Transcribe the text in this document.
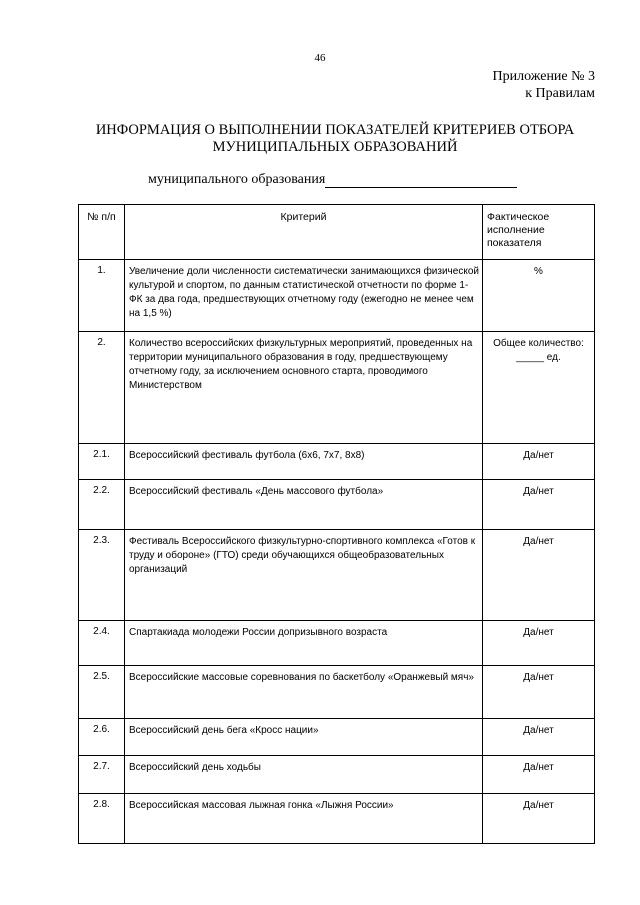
46
Приложение № 3
к Правилам
ИНФОРМАЦИЯ О ВЫПОЛНЕНИИ ПОКАЗАТЕЛЕЙ КРИТЕРИЕВ ОТБОРА
МУНИЦИПАЛЬНЫХ ОБРАЗОВАНИЙ
муниципального образования
№ п/п	Критерий	Фактическое исполнение показателя
1.	Увеличение доли численности систематически занимающихся физической культурой и спортом, по данным статистической отчетности по форме 1-ФК за два года, предшествующих отчетному году (ежегодно не менее чем на 1,5 %)	%
2.	Количество всероссийских физкультурных мероприятий, проведенных на территории муниципального образования в году, предшествующему отчетному году, за исключением основного старта, проводимого Министерством	Общее количество: _____ ед.
2.1.	Всероссийский фестиваль футбола (6х6, 7х7, 8х8)	Да/нет
2.2.	Всероссийский фестиваль «День массового футбола»	Да/нет
2.3.	Фестиваль Всероссийского физкультурно-спортивного комплекса «Готов к труду и обороне» (ГТО) среди обучающихся общеобразовательных организаций	Да/нет
2.4.	Спартакиада молодежи России допризывного возраста	Да/нет
2.5.	Всероссийские массовые соревнования по баскетболу «Оранжевый мяч»	Да/нет
2.6.	Всероссийский день бега «Кросс нации»	Да/нет
2.7.	Всероссийский день ходьбы	Да/нет
2.8.	Всероссийская массовая лыжная гонка «Лыжня России»	Да/нет
